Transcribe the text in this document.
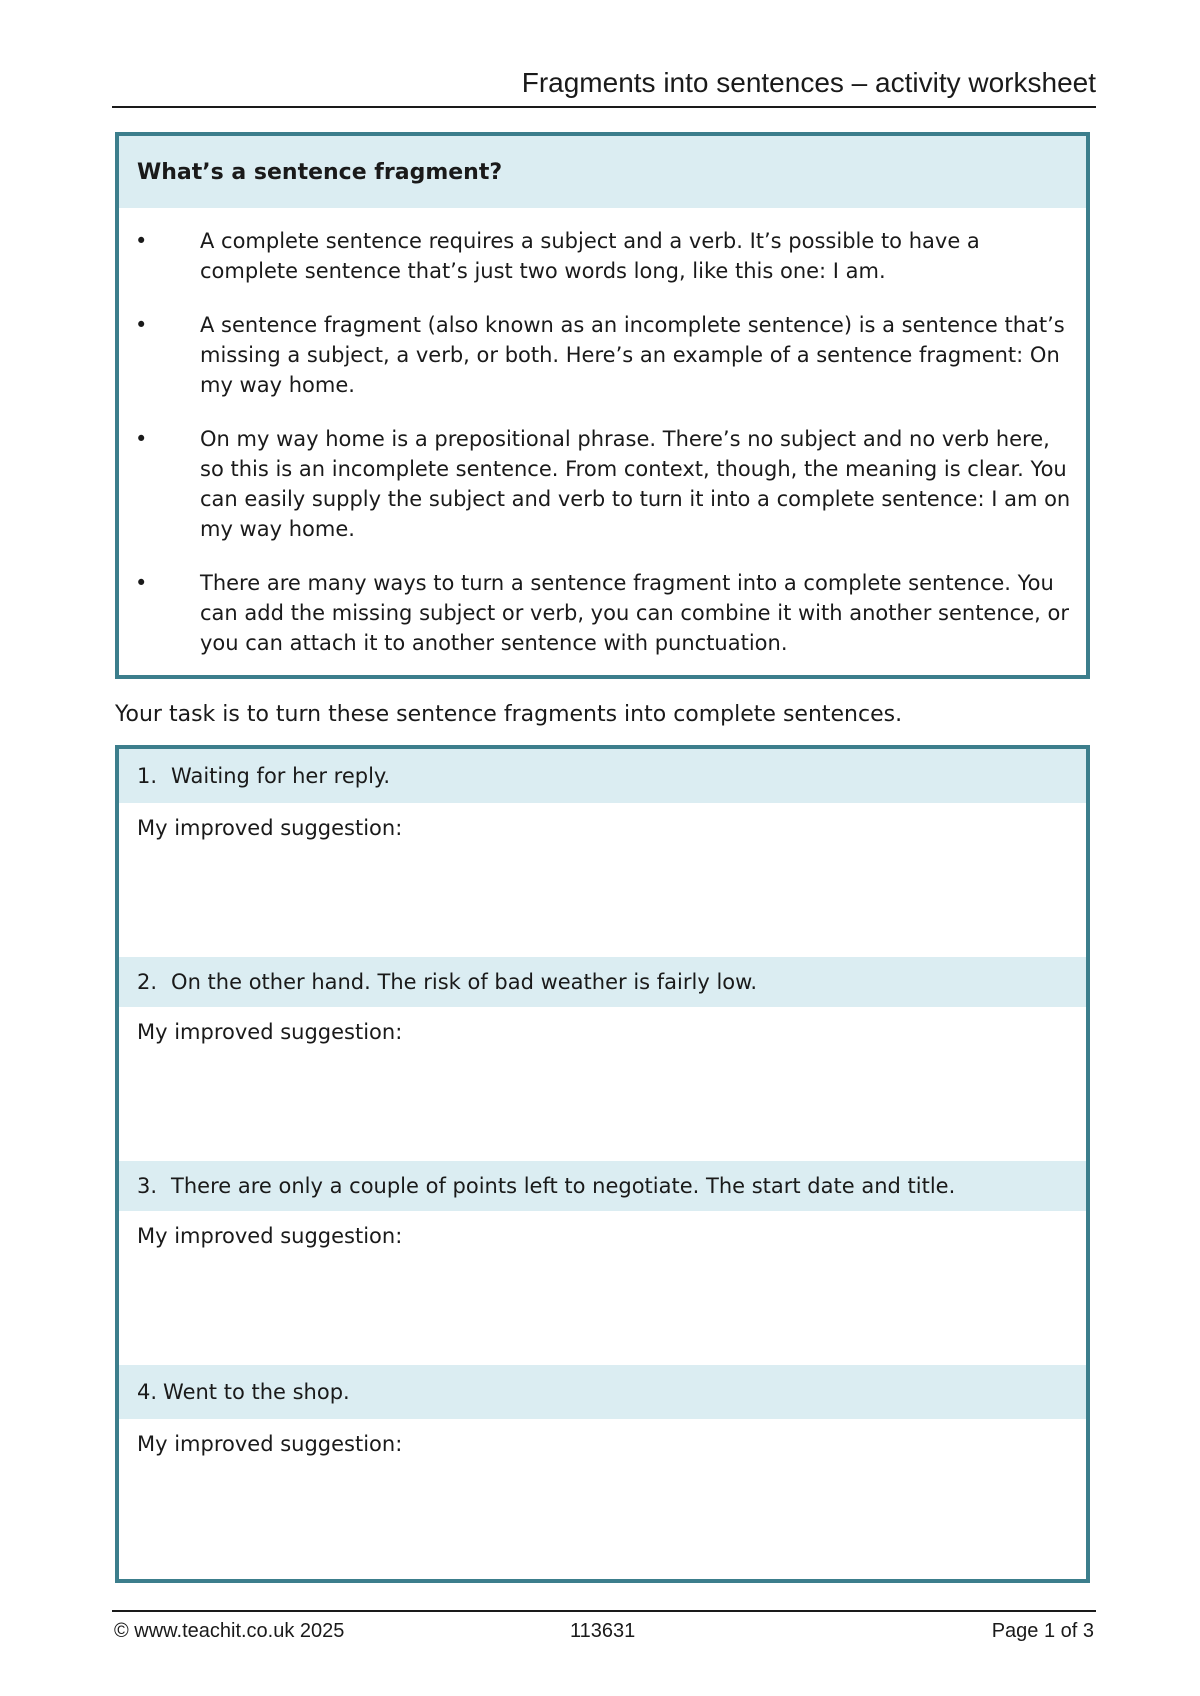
Fragments into sentences – activity worksheet
What’s a sentence fragment?
•	A complete sentence requires a subject and a verb. It’s possible to have a complete sentence that’s just two words long, like this one: I am.
•	A sentence fragment (also known as an incomplete sentence) is a sentence that’s missing a subject, a verb, or both. Here’s an example of a sentence fragment: On my way home.
•	On my way home is a prepositional phrase. There’s no subject and no verb here, so this is an incomplete sentence. From context, though, the meaning is clear. You can easily supply the subject and verb to turn it into a complete sentence: I am on my way home.
•	There are many ways to turn a sentence fragment into a complete sentence. You can add the missing subject or verb, you can combine it with another sentence, or you can attach it to another sentence with punctuation.
Your task is to turn these sentence fragments into complete sentences.
1. Waiting for her reply.
My improved suggestion:
2. On the other hand. The risk of bad weather is fairly low.
My improved suggestion:
3. There are only a couple of points left to negotiate. The start date and title.
My improved suggestion:
4. Went to the shop.
My improved suggestion:
© www.teachit.co.uk 2025	113631	Page 1 of 3
